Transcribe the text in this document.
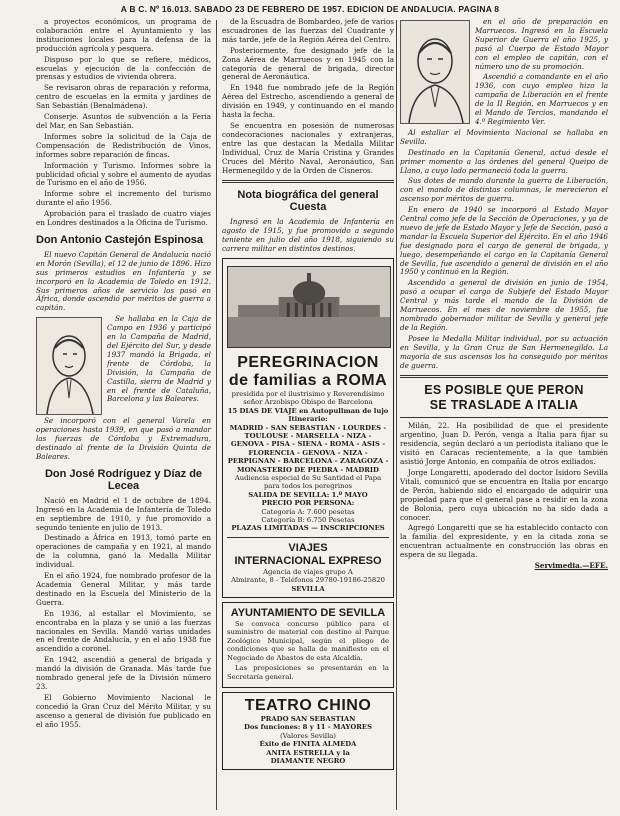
A B C. Nº 16.013. SABADO 23 DE FEBRERO DE 1957. EDICION DE ANDALUCIA. PAGINA 8

a proyectos económicos, un programa de colaboración entre el Ayuntamiento y las instituciones locales para la defensa de la producción agrícola y pesquera.

Dispuso por lo que se refiere, médicos, escuelas y ejecución de la confección de prensas y estudios de vivienda obrera.

Se revisaron obras de reparación y reforma, centro de escuelas en la ermita y jardines de San Sebastián (Benalmádena).

Conserje. Asuntos de subvención a la Feria del Mar, en San Sebastián.

Informes sobre la solicitud de la Caja de Compensación de Redistribución de Vinos, informes sobre reparación de fincas.

Información y Turismo. Informes sobre la publicidad oficial y sobre el aumento de ayudas de Turismo en el año de 1956.

Informe sobre el incremento del turismo durante el año 1956.

Aprobación para el traslado de cuatro viajes en Londres destinados a la Oficina de Turismo.

Don Antonio Castejón Espinosa

El nuevo Capitán General de Andalucía nació en Morón (Sevilla), el 12 de junio de 1896. Hizo sus primeros estudios en Infantería y se incorporó en la Academia de Toledo en 1912. Sus primeros años de servicio los pasó en África, donde ascendió por méritos de guerra a capitán.

Se hallaba en la Caja de Campo en 1936 y participó en la Campaña de Madrid, del Ejército del Sur, y desde 1937 mandó la Brigada, el frente de Córdoba, la División, la Campaña de Castilla, sierra de Madrid y en el frente de Cataluña, Barcelona y las Baleares.

Se incorporó con el general Varela en operaciones hasta 1939, en que pasó a mandar las fuerzas de Córdoba y Extremadura, destinado al frente de la División Quinta de Baleares.

Don José Rodríguez y Díaz de Lecea

Nació en Madrid el 1 de octubre de 1894. Ingresó en la Academia de Infantería de Toledo en septiembre de 1910, y fue promovido a segundo teniente en julio de 1913.

Destinado a África en 1913, tomó parte en operaciones de campaña y en 1921, al mando de la columna, ganó la Medalla Militar individual.

En el año 1924, fue nombrado profesor de la Academia General Militar, y más tarde destinado en la Escuela del Ministerio de la Guerra.

En 1936, al estallar el Movimiento, se encontraba en la plaza y se unió a las fuerzas nacionales en Sevilla. Mandó varias unidades en el frente de Andalucía, y en el año 1938 fue ascendido a coronel.

En 1942, ascendió a general de brigada y mandó la división de Granada. Más tarde fue nombrado general jefe de la División número 23.

El Gobierno Movimiento Nacional le concedió la Gran Cruz del Mérito Militar, y su ascenso a general de división fue publicado en el año 1955.

de la Escuadra de Bombardeo, jefe de varios escuadrones de las fuerzas del Cuadrante y más tarde, jefe de la Región Aérea del Centro.

Posteriormente, fue designado jefe de la Zona Aérea de Marruecos y en 1945 con la categoría de general de brigada, director general de Aeronáutica.

En 1948 fue nombrado jefe de la Región Aérea del Estrecho, ascendiendo a general de división en 1949, y continuando en el mando hasta la fecha.

Se encuentra en posesión de numerosas condecoraciones nacionales y extranjeras, entre las que destacan la Medalla Militar Individual, Cruz de María Cristina y Grandes Cruces del Mérito Naval, Aeronáutico, San Hermenegildo y de la Orden de Cisneros.

Nota biográfica del general Cuesta

Ingresó en la Academia de Infantería en agosto de 1915, y fue promovido a segundo teniente en julio del año 1918, siguiendo su carrera militar en distintos destinos.

PEREGRINACION
de familias a ROMA
presidida por el ilustrísimo y Reverendísimo señor Arzobispo Obispo de Barcelona
15 DIAS DE VIAJE en Autopullman de lujo
Itinerario:
MADRID - SAN SEBASTIAN - LOURDES - TOULOUSE - MARSELLA - NIZA - GENOVA - PISA - SIENA - ROMA - ASIS - FLORENCIA - GENOVA - NIZA - PERPIGNAN - BARCELONA - ZARAGOZA - MONASTERIO DE PIEDRA - MADRID
Audiencia especial de Su Santidad el Papa para todos los peregrinos
SALIDA DE SEVILLA: 1.º MAYO
PRECIO POR PERSONA:
Categoría A: 7.600 pesetas
Categoría B: 6.750 Pesetas
PLAZAS LIMITADAS — INSCRIPCIONES
VIAJES
INTERNACIONAL EXPRESO
Agencia de viajes grupo A
Almirante, 8 - Teléfonos 29780-19186-25820
SEVILLA
AYUNTAMIENTO DE SEVILLA

Se convoca concurso público para el suministro de material con destino al Parque Zoológico Municipal, según el pliego de condiciones que se halla de manifiesto en el Negociado de Abastos de esta Alcaldía.

Las proposiciones se presentarán en la Secretaría general.

TEATRO CHINO
PRADO SAN SEBASTIAN
Dos funciones: 8 y 11 - MAYORES
(Valores Sevilla)
Éxito de FINITA ALMEDA
ANITA ESTRELLA y la
DIAMANTE NEGRO

en el año de preparación en Marruecos. Ingresó en la Escuela Superior de Guerra el año 1925, y pasó al Cuerpo de Estado Mayor con el empleo de capitán, con el número uno de su promoción.

Ascendió a comandante en el año 1936, con cuyo empleo hizo la campaña de Liberación en el frente de la II Región, en Marruecos y en el Mando de Tercios, mandando el 4.º Regimiento Ver.

Al estallar el Movimiento Nacional se hallaba en Sevilla.

Destinado en la Capitanía General, actuó desde el primer momento a las órdenes del general Queipo de Llano, a cuyo lado permaneció toda la guerra.

Sus dotes de mando durante la guerra de Liberación, con el mando de distintas columnas, le merecieron el ascenso por méritos de guerra.

En enero de 1940 se incorporó al Estado Mayor Central como jefe de la Sección de Operaciones, y ya de nuevo de jefe de Estado Mayor y Jefe de Sección, pasó a mandar la Escuela Superior del Ejército. En el año 1946 fue designado para el cargo de general de brigada, y luego, desempeñando el cargo en la Capitanía General de Sevilla, fue ascendido a general de división en el año 1950 y continuó en la Región.

Ascendido a general de división en junio de 1954, pasó a ocupar el cargo de Subjefe del Estado Mayor Central y más tarde el mando de la División de Marruecos. En el mes de noviembre de 1955, fue nombrado gobernador militar de Sevilla y general jefe de la Región.

Posee la Medalla Militar individual, por su actuación en Sevilla, y la Gran Cruz de San Hermenegildo. La mayoría de sus ascensos los ha conseguido por méritos de guerra.

ES POSIBLE QUE PERON
SE TRASLADE A ITALIA

Milán, 22. Ha posibilidad de que el presidente argentino, Juan D. Perón, venga a Italia para fijar su residencia, según declaró a un periodista italiano que le visitó en Caracas recientemente, a la que también asistió Jorge Antonio, en compañía de otros exiliados.

Jorge Longaretti, apoderado del doctor Isidoro Sevilla Vitali, comunicó que se encuentra en Italia por encargo de Perón, habiendo sido el encargado de adquirir una propiedad para que el general pase a residir en la zona de Bolonia, pero cuya ubicación no ha sido dada a conocer.

Agregó Longaretti que se ha establecido contacto con la familia del expresidente, y en la citada zona se encuentran actualmente en construcción las obras en espera de su llegada.

Servimedia.—EFE.
